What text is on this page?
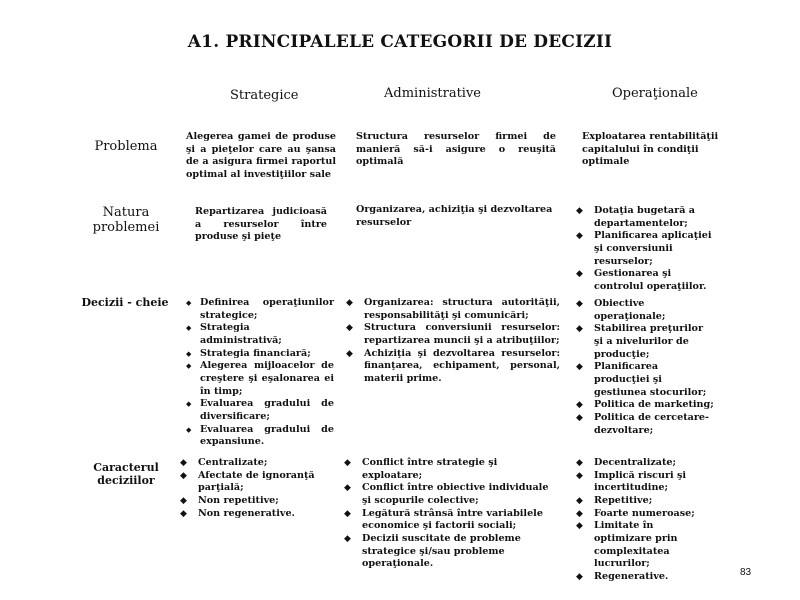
A1. PRINCIPALELE CATEGORII DE DECIZII
Strategice	Administrative	Operaţionale
Problema
Alegerea gamei de produse şi a pieţelor care au şansa de a asigura firmei raportul optimal al investiţiilor sale
Structura resurselor firmei de manieră să-i asigure o reuşită optimală
Exploatarea rentabilităţii capitalului în condiţii optimale
Natura problemei
Repartizarea judicioasă a resurselor între produse şi pieţe
Organizarea, achiziţia şi dezvoltarea resurselor
◆ Dotaţia bugetară a departamentelor;
◆ Planificarea aplicaţiei şi conversiunii resurselor;
◆ Gestionarea şi controlul operaţiilor.
Decizii - cheie
◆	Definirea operaţiunilor strategice;
◆ Strategia administrativă;
◆ Strategia financiară;
◆ Alegerea mijloacelor de creştere şi eşalonarea ei în timp;
◆ Evaluarea gradului de diversificare;
◆ Evaluarea gradului de expansiune.
◆ Organizarea: structura autorităţii, responsabilităţi şi comunicări;
◆ Structura conversiunii resurselor: repartizarea muncii şi a atribuţiilor;
◆ Achiziţia şi dezvoltarea resurselor: finanţarea, echipament, personal, materii prime.
◆ Obiective operaţionale;
◆ Stabilirea preţurilor şi a nivelurilor de producţie;
◆ Planificarea producţiei şi gestiunea stocurilor;
◆ Politica de marketing;
◆ Politica de cercetare-dezvoltare;
Caracterul deciziilor
◆ Centralizate;
◆ Afectate de ignoranţă parţială;
◆ Non repetitive;
◆ Non regenerative.
◆ Conflict între strategie şi exploatare;
◆ Conflict între obiective individuale şi scopurile colective;
◆ Legătură strânsă între variabilele economice şi factorii sociali;
◆ Decizii suscitate de probleme strategice şi/sau probleme operaţionale.
◆ Decentralizate;
◆ Implică riscuri şi incertitudine;
◆ Repetitive;
◆ Foarte numeroase;
◆ Limitate în optimizare prin complexitatea lucrurilor;
◆ Regenerative.	83
